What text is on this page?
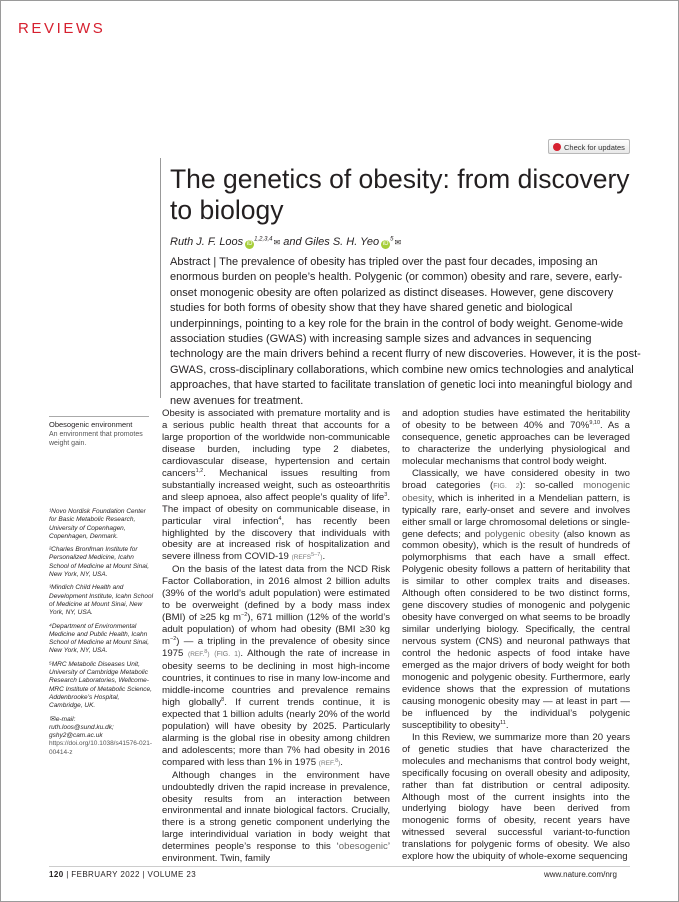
REVIEWS
Check for updates
The genetics of obesity: from discovery to biology
Ruth J. F. Loos iD$^{1,2,3,4}$✉ and Giles S. H. Yeo $iD^5✉$
Abstract | The prevalence of obesity has tripled over the past four decades, imposing an enormous burden on people’s health. Polygenic (or common) obesity and rare, severe, early-onset monogenic obesity are often polarized as distinct diseases. However, gene discovery studies for both forms of obesity show that they have shared genetic and biological underpinnings, pointing to a key role for the brain in the control of body weight. Genome-wide association studies (GWAS) with increasing sample sizes and advances in sequencing technology are the main drivers behind a recent flurry of new discoveries. However, it is the post-GWAS, cross-disciplinary collaborations, which combine new omics technologies and analytical approaches, that have started to facilitate translation of genetic loci into meaningful biology and new avenues for treatment.
Obesogenic environment
An environment that promotes weight gain.

¹Novo Nordisk Foundation Center for Basic Metabolic Research, University of Copenhagen, Copenhagen, Denmark.

²Charles Bronfman Institute for Personalized Medicine, Icahn School of Medicine at Mount Sinai, New York, NY, USA.

³Mindich Child Health and Development Institute, Icahn School of Medicine at Mount Sinai, New York, NY, USA.

⁴Department of Environmental Medicine and Public Health, Icahn School of Medicine at Mount Sinai, New York, NY, USA.

⁵MRC Metabolic Diseases Unit, University of Cambridge Metabolic Research Laboratories, Wellcome-MRC Institute of Metabolic Science, Addenbrooke’s Hospital, Cambridge, UK.

✉e-mail:
ruth.loos@sund.ku.dk; gshy2@cam.ac.uk

https://doi.org/10.1038/s41576-021-00414-z

Obesity is associated with premature mortality and is a serious public health threat that accounts for a large proportion of the worldwide non-communicable disease burden, including type 2 diabetes, cardiovascular disease, hypertension and certain cancers$^{1,2}$. Mechanical issues resulting from substantially increased weight, such as osteoarthritis and sleep apnoea, also affect people’s quality of life$^3$. The impact of obesity on communicable disease, in particular viral infection$^4$, has recently been highlighted by the discovery that individuals with obesity are at increased risk of hospitalization and severe illness from COVID-19 (REFS$^{5-7}$).

On the basis of the latest data from the NCD Risk Factor Collaboration, in 2016 almost 2 billion adults (39% of the world’s adult population) were estimated to be overweight (defined by a body mass index (BMI) of ≥25 kg $m^{-2}$), 671 million (12% of the world’s adult population) of whom had obesity (BMI ≥30 kg $m^{-2}$) — a tripling in the prevalence of obesity since 1975 (REF.$^8$) (FIG. 1). Although the rate of increase in obesity seems to be declining in most high-income countries, it continues to rise in many low-income and middle-income countries and prevalence remains high globally$^8$. If current trends continue, it is expected that 1 billion adults (nearly 20% of the world population) will have obesity by 2025. Particularly alarming is the global rise in obesity among children and adolescents; more than 7% had obesity in 2016 compared with less than 1% in 1975 (REF.$^8$).

Although changes in the environment have undoubtedly driven the rapid increase in prevalence, obesity results from an interaction between environmental and innate biological factors. Crucially, there is a strong genetic component underlying the large interindividual variation in body weight that determines people’s response to this ‘obesogenic’ environment. Twin, family

and adoption studies have estimated the heritability of obesity to be between 40% and 70%$^{9,10}$. As a consequence, genetic approaches can be leveraged to characterize the underlying physiological and molecular mechanisms that control body weight.

Classically, we have considered obesity in two broad categories (FIG. 2): so-called monogenic obesity, which is inherited in a Mendelian pattern, is typically rare, early-onset and severe and involves either small or large chromosomal deletions or single-gene defects; and polygenic obesity (also known as common obesity), which is the result of hundreds of polymorphisms that each have a small effect. Polygenic obesity follows a pattern of heritability that is similar to other complex traits and diseases. Although often considered to be two distinct forms, gene discovery studies of monogenic and polygenic obesity have converged on what seems to be broadly similar underlying biology. Specifically, the central nervous system (CNS) and neuronal pathways that control the hedonic aspects of food intake have emerged as the major drivers of body weight for both monogenic and polygenic obesity. Furthermore, early evidence shows that the expression of mutations causing monogenic obesity may — at least in part — be influenced by the individual’s polygenic susceptibility to obesity$^{11}$.

In this Review, we summarize more than 20 years of genetic studies that have characterized the molecules and mechanisms that control body weight, specifically focusing on overall obesity and adiposity, rather than fat distribution or central adiposity. Although most of the current insights into the underlying biology have been derived from monogenic forms of obesity, recent years have witnessed several successful variant-to-function translations for polygenic forms of obesity. We also explore how the ubiquity of whole-exome sequencing

120 | FEBRUARY 2022 | VOLUME 23	www.nature.com/nrg
